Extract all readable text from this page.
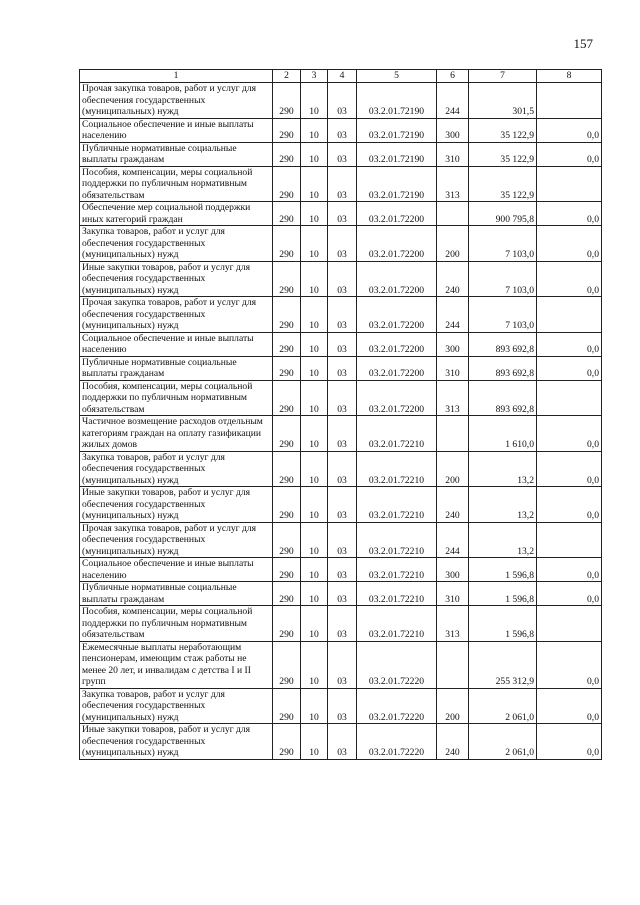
157
1	2	3	4	5	6	7	8
Прочая закупка товаров, работ и услуг для обеспечения государственных (муниципальных) нужд	290	10	03	03.2.01.72190	244	301,5	
Социальное обеспечение и иные выплаты населению	290	10	03	03.2.01.72190	300	35 122,9	0,0
Публичные нормативные социальные выплаты гражданам	290	10	03	03.2.01.72190	310	35 122,9	0,0
Пособия, компенсации, меры социальной поддержки по публичным нормативным обязательствам	290	10	03	03.2.01.72190	313	35 122,9	
Обеспечение мер социальной поддержки иных категорий граждан	290	10	03	03.2.01.72200		900 795,8	0,0
Закупка товаров, работ и услуг для обеспечения государственных (муниципальных) нужд	290	10	03	03.2.01.72200	200	7 103,0	0,0
Иные закупки товаров, работ и услуг для обеспечения государственных (муниципальных) нужд	290	10	03	03.2.01.72200	240	7 103,0	0,0
Прочая закупка товаров, работ и услуг для обеспечения государственных (муниципальных) нужд	290	10	03	03.2.01.72200	244	7 103,0	
Социальное обеспечение и иные выплаты населению	290	10	03	03.2.01.72200	300	893 692,8	0,0
Публичные нормативные социальные выплаты гражданам	290	10	03	03.2.01.72200	310	893 692,8	0,0
Пособия, компенсации, меры социальной поддержки по публичным нормативным обязательствам	290	10	03	03.2.01.72200	313	893 692,8	
Частичное возмещение расходов отдельным категориям граждан на оплату газификации жилых домов	290	10	03	03.2.01.72210		1 610,0	0,0
Закупка товаров, работ и услуг для обеспечения государственных (муниципальных) нужд	290	10	03	03.2.01.72210	200	13,2	0,0
Иные закупки товаров, работ и услуг для обеспечения государственных (муниципальных) нужд	290	10	03	03.2.01.72210	240	13,2	0,0
Прочая закупка товаров, работ и услуг для обеспечения государственных (муниципальных) нужд	290	10	03	03.2.01.72210	244	13,2	
Социальное обеспечение и иные выплаты населению	290	10	03	03.2.01.72210	300	1 596,8	0,0
Публичные нормативные социальные выплаты гражданам	290	10	03	03.2.01.72210	310	1 596,8	0,0
Пособия, компенсации, меры социальной поддержки по публичным нормативным обязательствам	290	10	03	03.2.01.72210	313	1 596,8	
Ежемесячные выплаты неработающим пенсионерам, имеющим стаж работы не менее 20 лет, и инвалидам с детства I и II групп	290	10	03	03.2.01.72220		255 312,9	0,0
Закупка товаров, работ и услуг для обеспечения государственных (муниципальных) нужд	290	10	03	03.2.01.72220	200	2 061,0	0,0
Иные закупки товаров, работ и услуг для обеспечения государственных (муниципальных) нужд	290	10	03	03.2.01.72220	240	2 061,0	0,0
